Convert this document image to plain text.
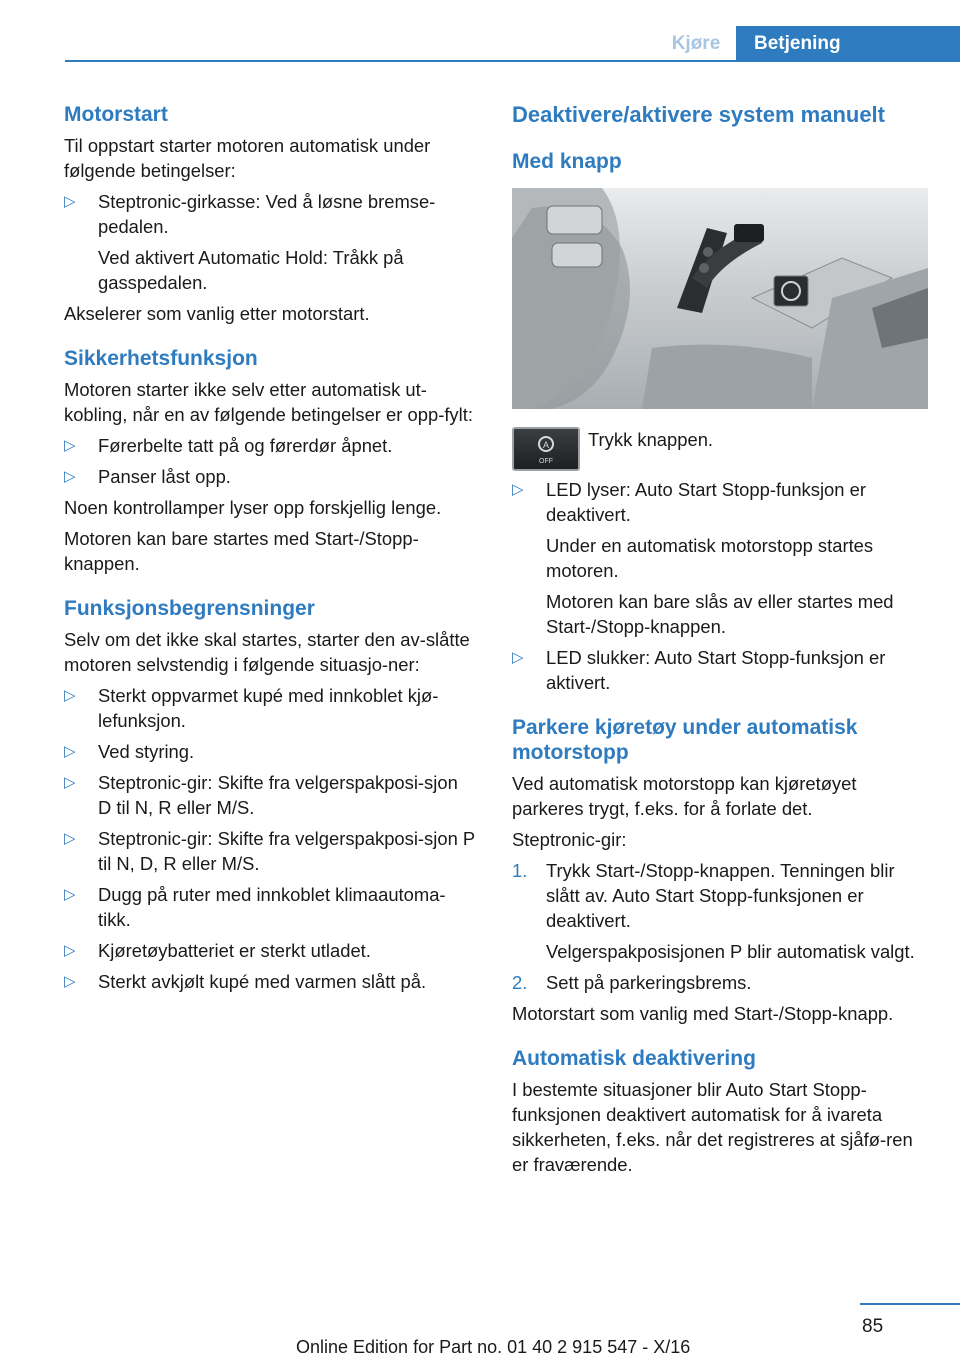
Kjøre	Betjening
Motorstart

Til oppstart starter motoren automatisk under følgende betingelser:

▷ Steptronic-girkasse: Ved å løsne bremse-pedalen.
Ved aktivert Automatic Hold: Tråkk på gasspedalen.

Akselerer som vanlig etter motorstart.

Sikkerhetsfunksjon

Motoren starter ikke selv etter automatisk ut-kobling, når en av følgende betingelser er opp-fylt:

▷ Førerbelte tatt på og førerdør åpnet.
▷ Panser låst opp.

Noen kontrollamper lyser opp forskjellig lenge.

Motoren kan bare startes med Start-/Stopp-knappen.

Funksjonsbegrensninger

Selv om det ikke skal startes, starter den av-slåtte motoren selvstendig i følgende situasjo-ner:

▷ Sterkt oppvarmet kupé med innkoblet kjø-lefunksjon.
▷ Ved styring.
▷ Steptronic-gir: Skifte fra velgerspakposi-sjon D til N, R eller M/S.
▷ Steptronic-gir: Skifte fra velgerspakposi-sjon P til N, D, R eller M/S.
▷ Dugg på ruter med innkoblet klimaautoma-tikk.
▷ Kjøretøybatteriet er sterkt utladet.
▷ Sterkt avkjølt kupé med varmen slått på.
Deaktivere/aktivere system manuelt
Med knapp
A
OFF
Trykk knappen.
▷ LED lyser: Auto Start Stopp-funksjon er deaktivert.
Under en automatisk motorstopp startes motoren.
Motoren kan bare slås av eller startes med Start-/Stopp-knappen.
▷ LED slukker: Auto Start Stopp-funksjon er aktivert.
Parkere kjøretøy under automatisk motorstopp

Ved automatisk motorstopp kan kjøretøyet parkeres trygt, f.eks. for å forlate det.

Steptronic-gir:

1. Trykk Start-/Stopp-knappen. Tenningen blir slått av. Auto Start Stopp-funksjonen er deaktivert.
Velgerspakposisjonen P blir automatisk valgt.
2. Sett på parkeringsbrems.

Motorstart som vanlig med Start-/Stopp-knapp.

Automatisk deaktivering

I bestemte situasjoner blir Auto Start Stopp-funksjonen deaktivert automatisk for å ivareta sikkerheten, f.eks. når det registreres at sjåfø-ren er fraværende.

85
Online Edition for Part no. 01 40 2 915 547 - X/16
